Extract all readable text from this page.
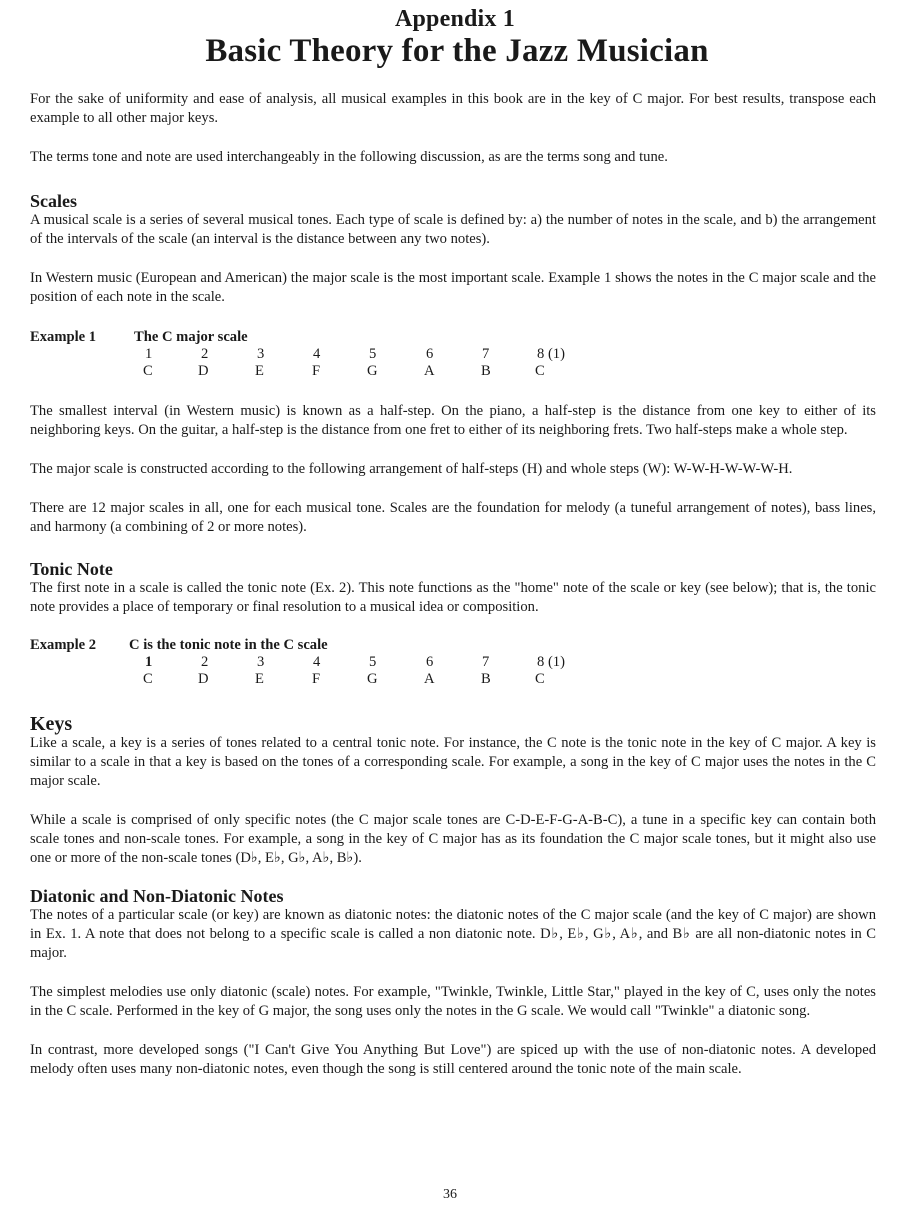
Appendix 1
Basic Theory for the Jazz Musician

For the sake of uniformity and ease of analysis, all musical examples in this book are in the key of C major. For best results, transpose each example to all other major keys.

The terms tone and note are used interchangeably in the following discussion, as are the terms song and tune.

Scales

A musical scale is a series of several musical tones. Each type of scale is defined by: a) the number of notes in the scale, and b) the arrangement of the intervals of the scale (an interval is the distance between any two notes).

In Western music (European and American) the major scale is the most important scale. Example 1 shows the notes in the C major scale and the position of each note in the scale.

Example 1	The C major scale
1	2	3	4	5	6	7	8 (1)
C	D	E	F	G	A	B	C

The smallest interval (in Western music) is known as a half-step. On the piano, a half-step is the distance from one key to either of its neighboring keys. On the guitar, a half-step is the distance from one fret to either of its neighboring frets. Two half-steps make a whole step.

The major scale is constructed according to the following arrangement of half-steps (H) and whole steps (W): W-W-H-W-W-W-H.

There are 12 major scales in all, one for each musical tone. Scales are the foundation for melody (a tuneful arrangement of notes), bass lines, and harmony (a combining of 2 or more notes).

Tonic Note

The first note in a scale is called the tonic note (Ex. 2). This note functions as the "home" note of the scale or key (see below); that is, the tonic note provides a place of temporary or final resolution to a musical idea or composition.

Example 2 C is the tonic note in the C scale
1	2	3	4	5	6	7	8 (1)
C	D	E	F	G	A	B	C
Keys

Like a scale, a key is a series of tones related to a central tonic note. For instance, the C note is the tonic note in the key of C major. A key is similar to a scale in that a key is based on the tones of a corresponding scale. For example, a song in the key of C major uses the notes in the C major scale.

While a scale is comprised of only specific notes (the C major scale tones are C-D-E-F-G-A-B-C), a tune in a specific key can contain both scale tones and non-scale tones. For example, a song in the key of C major has as its foundation the C major scale tones, but it might also use one or more of the non-scale tones (D♭, E♭, G♭, A♭, B♭).

Diatonic and Non-Diatonic Notes

The notes of a particular scale (or key) are known as diatonic notes: the diatonic notes of the C major scale (and the key of C major) are shown in Ex. 1. A note that does not belong to a specific scale is called a non diatonic note. D♭, E♭, G♭, A♭, and B♭ are all non-diatonic notes in C major.

The simplest melodies use only diatonic (scale) notes. For example, "Twinkle, Twinkle, Little Star," played in the key of C, uses only the notes in the C scale. Performed in the key of G major, the song uses only the notes in the G scale. We would call "Twinkle" a diatonic song.

In contrast, more developed songs ("I Can't Give You Anything But Love") are spiced up with the use of non-diatonic notes. A developed melody often uses many non-diatonic notes, even though the song is still centered around the tonic note of the main scale.

36
